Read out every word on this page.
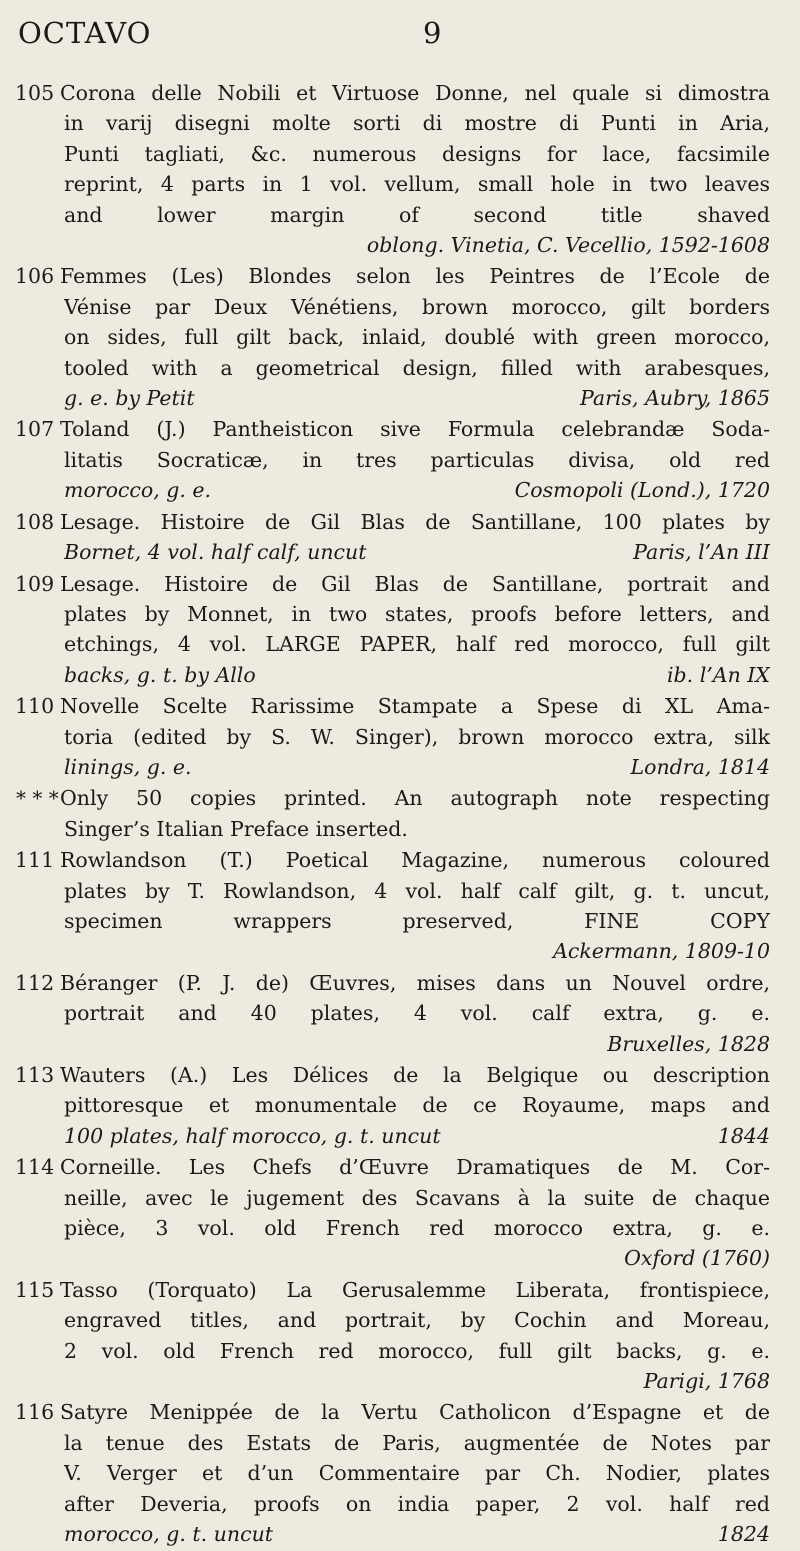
OCTAVO	9
105 Corona delle Nobili et Virtuose Donne, nel quale si dimostra
in varij disegni molte sorti di mostre di Punti in Aria,
Punti tagliati, &c. numerous designs for lace, facsimile
reprint, 4 parts in 1 vol. vellum, small hole in two leaves
and lower margin of second title shaved
oblong. Vinetia, C. Vecellio, 1592-1608
106 Femmes (Les) Blondes selon les Peintres de l’Ecole de
Vénise par Deux Vénétiens, brown morocco, gilt borders
on sides, full gilt back, inlaid, doublé with green morocco,
tooled with a geometrical design, filled with arabesques,
g. e. by Petit	Paris, Aubry, 1865
107 Toland (J.) Pantheisticon sive Formula celebrandæ Soda-
litatis Socraticæ, in tres particulas divisa, old red
morocco, g. e.	Cosmopoli (Lond.), 1720
108 Lesage. Histoire de Gil Blas de Santillane, 100 plates by
Bornet, 4 vol. half calf, uncut	Paris, l’An III
109 Lesage. Histoire de Gil Blas de Santillane, portrait and
plates by Monnet, in two states, proofs before letters, and
etchings, 4 vol. LARGE PAPER, half red morocco, full gilt
backs, g. t. by Allo	ib. l’An IX
110 Novelle Scelte Rarissime Stampate a Spese di XL Ama-
toria (edited by S. W. Singer), brown morocco extra, silk
linings, g. e.	Londra, 1814
* * * Only 50 copies printed. An autograph note respecting
Singer’s Italian Preface inserted.
111 Rowlandson (T.) Poetical Magazine, numerous coloured
plates by T. Rowlandson, 4 vol. half calf gilt, g. t. uncut,
specimen wrappers preserved, FINE COPY
Ackermann, 1809-10
112 Béranger (P. J. de) Œuvres, mises dans un Nouvel ordre,
portrait and 40 plates, 4 vol. calf extra, g. e.
Bruxelles, 1828
113 Wauters (A.) Les Délices de la Belgique ou description
pittoresque et monumentale de ce Royaume, maps and
100 plates, half morocco, g. t. uncut	1844
114 Corneille. Les Chefs d’Œuvre Dramatiques de M. Cor-
neille, avec le jugement des Scavans à la suite de chaque
pièce, 3 vol. old French red morocco extra, g. e.
Oxford (1760)
115 Tasso (Torquato) La Gerusalemme Liberata, frontispiece,
engraved titles, and portrait, by Cochin and Moreau,
2 vol. old French red morocco, full gilt backs, g. e.
Parigi, 1768
116 Satyre Menippée de la Vertu Catholicon d’Espagne et de
la tenue des Estats de Paris, augmentée de Notes par
V. Verger et d’un Commentaire par Ch. Nodier, plates
after Deveria, proofs on india paper, 2 vol. half red
morocco, g. t. uncut	1824
